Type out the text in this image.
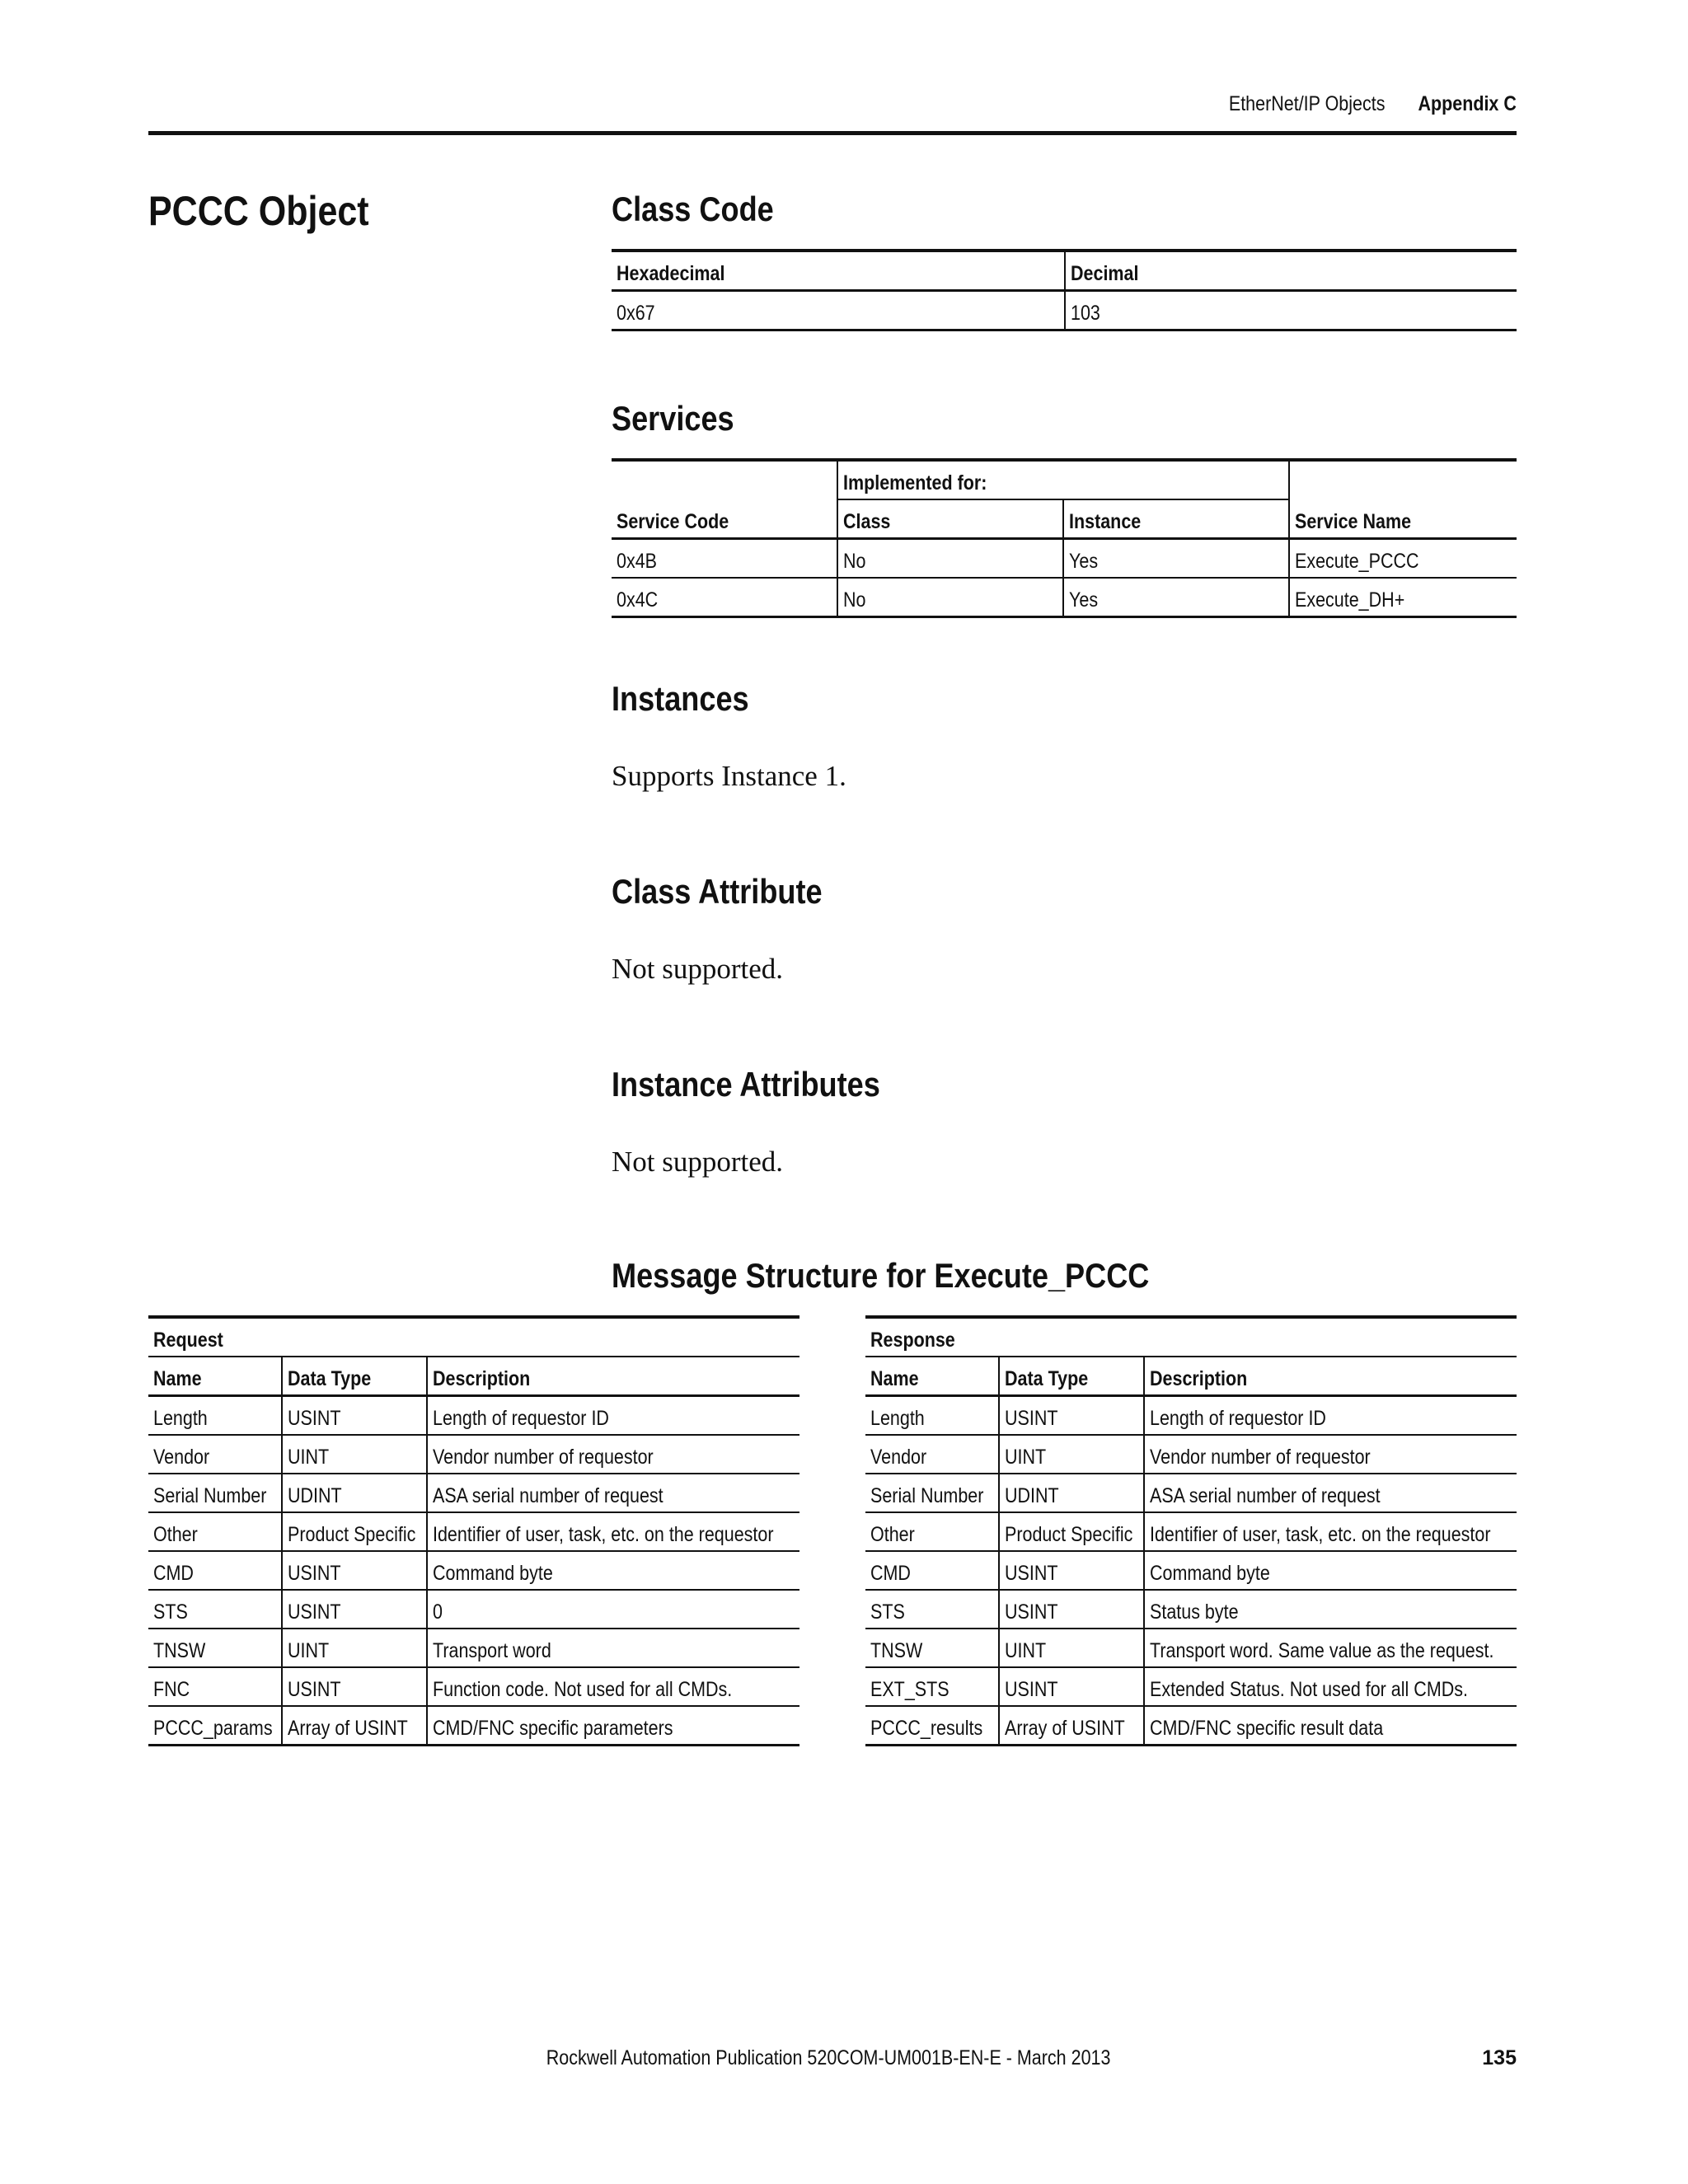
EtherNet/IP Objects Appendix C
PCCC Object	Class Code
Hexadecimal	Decimal
0x67	103
Services
Service Code	Implemented for:		Service Name
	Class	Instance	
0x4B	No	Yes	Execute_PCCC
0x4C	No	Yes	Execute_DH+
Instances
Supports Instance 1.
Class Attribute
Not supported.
Instance Attributes
Not supported.
Message Structure for Execute_PCCC
Request		
Name	Data Type	Description
Length	USINT	Length of requestor ID
Vendor	UINT	Vendor number of requestor
Serial Number	UDINT	ASA serial number of request
Other	Product Specific	Identifier of user, task, etc. on the requestor
CMD	USINT	Command byte
STS	USINT	0
TNSW	UINT	Transport word
FNC	USINT	Function code. Not used for all CMDs.
PCCC_params	Array of USINT	CMD/FNC specific parameters
Response		
Name	Data Type	Description
Length	USINT	Length of requestor ID
Vendor	UINT	Vendor number of requestor
Serial Number	UDINT	ASA serial number of request
Other	Product Specific	Identifier of user, task, etc. on the requestor
CMD	USINT	Command byte
STS	USINT	Status byte
TNSW	UINT	Transport word. Same value as the request.
EXT_STS	USINT	Extended Status. Not used for all CMDs.
PCCC_results	Array of USINT	CMD/FNC specific result data
Rockwell Automation Publication 520COM-UM001B-EN-E - March 2013	135
